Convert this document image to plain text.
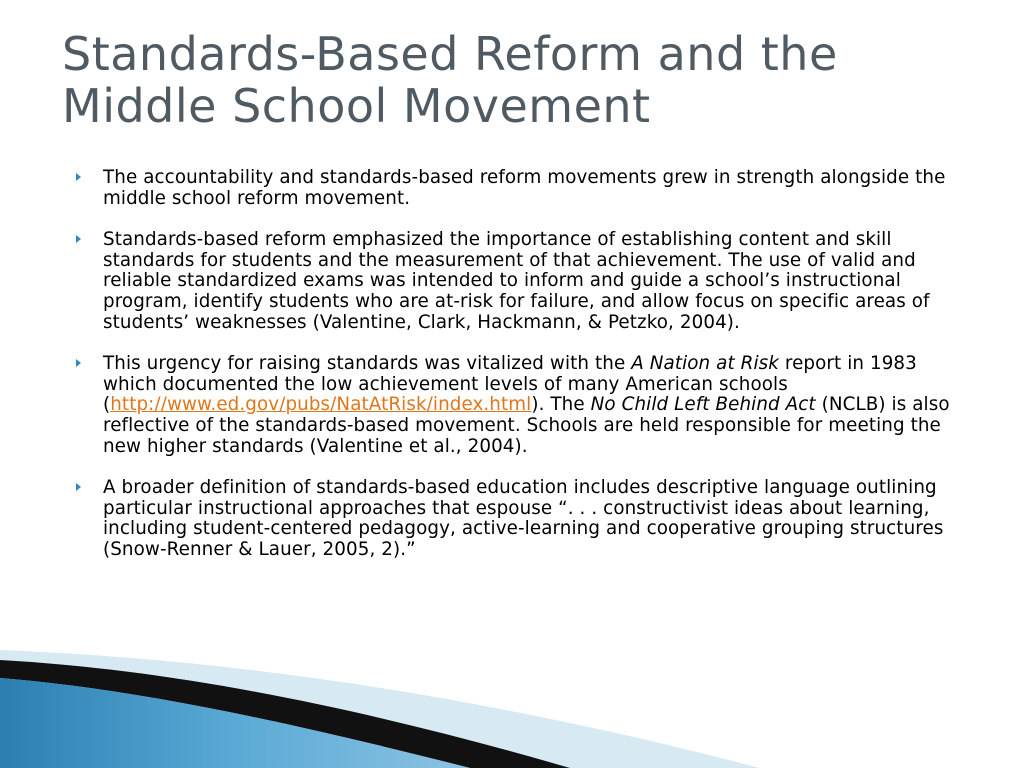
Standards-Based Reform and the Middle School Movement
The accountability and standards-based reform movements grew in strength alongside the middle school reform movement.
Standards-based reform emphasized the importance of establishing content and skill standards for students and the measurement of that achievement. The use of valid and reliable standardized exams was intended to inform and guide a school’s instructional program, identify students who are at-risk for failure, and allow focus on specific areas of students’ weaknesses (Valentine, Clark, Hackmann, & Petzko, 2004).
This urgency for raising standards was vitalized with the A Nation at Risk report in 1983 which documented the low achievement levels of many American schools (http://www.ed.gov/pubs/NatAtRisk/index.html). The No Child Left Behind Act (NCLB) is also reflective of the standards-based movement. Schools are held responsible for meeting the new higher standards (Valentine et al., 2004).
A broader definition of standards-based education includes descriptive language outlining particular instructional approaches that espouse “. . . constructivist ideas about learning, including student-centered pedagogy, active-learning and cooperative grouping structures (Snow-Renner & Lauer, 2005, 2).”
